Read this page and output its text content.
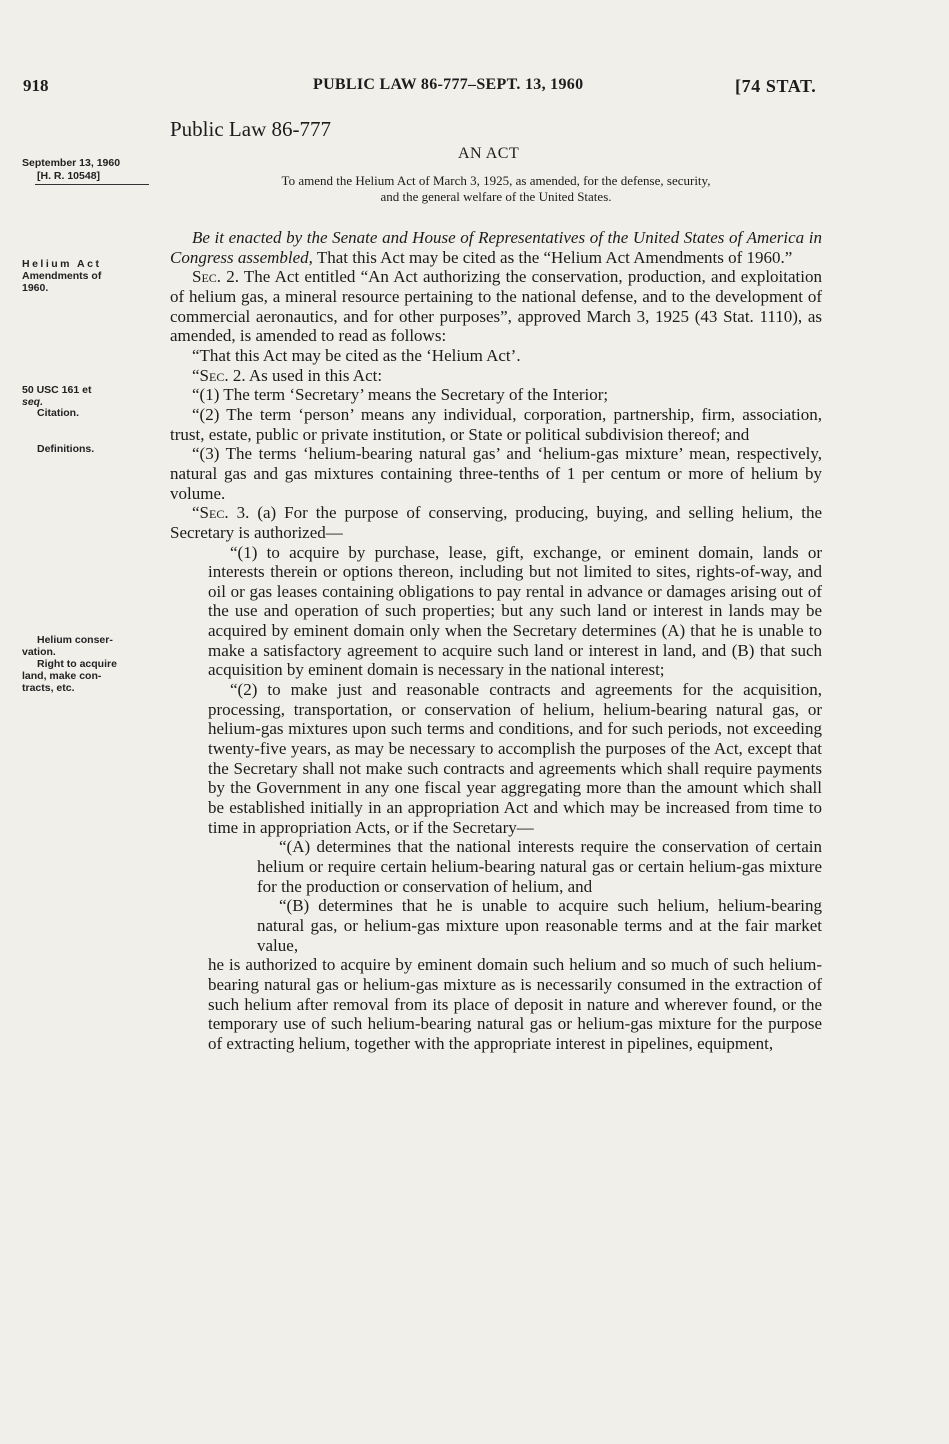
918	PUBLIC LAW 86-777–SEPT. 13, 1960	[74 STAT.
Public Law 86-777
AN ACT
September 13, 1960
[H. R. 10548]	To amend the Helium Act of March 3, 1925, as amended, for the defense, security,
and the general welfare of the United States.
Helium Act
Amendments of
1960.
50 USC 161 et
seq.
Citation.
Definitions.
Helium conser-
vation.
Right to acquire
land, make con-
tracts, etc.

Be it enacted by the Senate and House of Representatives of the United States of America in Congress assembled, That this Act may be cited as the “Helium Act Amendments of 1960.”

Sec. 2. The Act entitled “An Act authorizing the conservation, production, and exploitation of helium gas, a mineral resource pertaining to the national defense, and to the development of commercial aeronautics, and for other purposes”, approved March 3, 1925 (43 Stat. 1110), as amended, is amended to read as follows:

“That this Act may be cited as the ‘Helium Act’.

“Sec. 2. As used in this Act:

“(1) The term ‘Secretary’ means the Secretary of the Interior;

“(2) The term ‘person’ means any individual, corporation, partnership, firm, association, trust, estate, public or private institution, or State or political subdivision thereof; and

“(3) The terms ‘helium-bearing natural gas’ and ‘helium-gas mixture’ mean, respectively, natural gas and gas mixtures containing three-tenths of 1 per centum or more of helium by volume.

“Sec. 3. (a) For the purpose of conserving, producing, buying, and selling helium, the Secretary is authorized—

“(1) to acquire by purchase, lease, gift, exchange, or eminent domain, lands or interests therein or options thereon, including but not limited to sites, rights-of-way, and oil or gas leases containing obligations to pay rental in advance or damages arising out of the use and operation of such properties; but any such land or interest in lands may be acquired by eminent domain only when the Secretary determines (A) that he is unable to make a satisfactory agreement to acquire such land or interest in land, and (B) that such acquisition by eminent domain is necessary in the national interest;

“(2) to make just and reasonable contracts and agreements for the acquisition, processing, transportation, or conservation of helium, helium-bearing natural gas, or helium-gas mixtures upon such terms and conditions, and for such periods, not exceeding twenty-five years, as may be necessary to accomplish the purposes of the Act, except that the Secretary shall not make such contracts and agreements which shall require payments by the Government in any one fiscal year aggregating more than the amount which shall be established initially in an appropriation Act and which may be increased from time to time in appropriation Acts, or if the Secretary—

“(A) determines that the national interests require the conservation of certain helium or require certain helium-bearing natural gas or certain helium-gas mixture for the production or conservation of helium, and

“(B) determines that he is unable to acquire such helium, helium-bearing natural gas, or helium-gas mixture upon reasonable terms and at the fair market value,

he is authorized to acquire by eminent domain such helium and so much of such helium-bearing natural gas or helium-gas mixture as is necessarily consumed in the extraction of such helium after removal from its place of deposit in nature and wherever found, or the temporary use of such helium-bearing natural gas or helium-gas mixture for the purpose of extracting helium, together with the appropriate interest in pipelines, equipment,
